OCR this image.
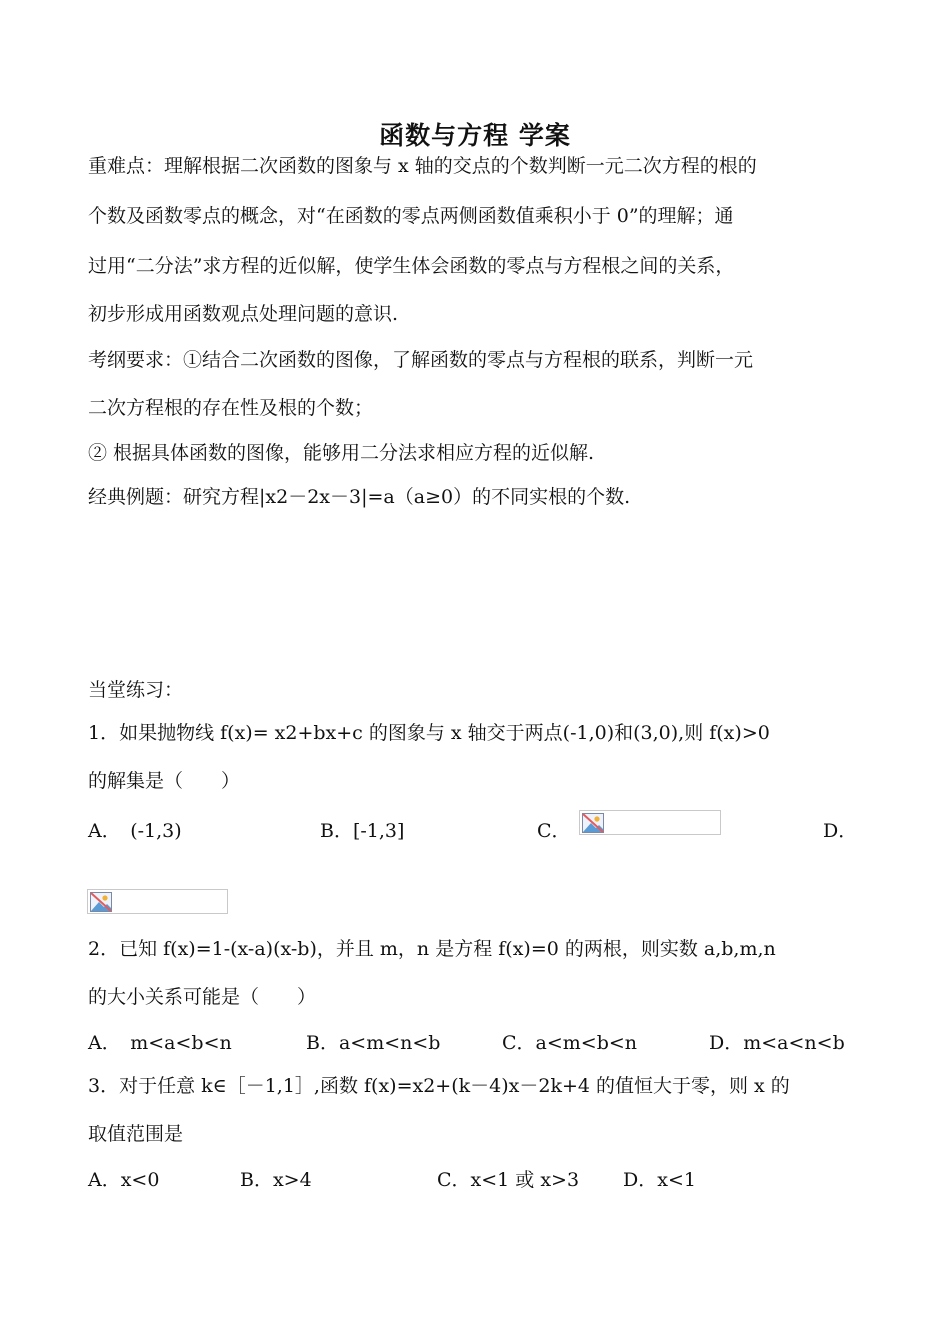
函数与方程 学案
重难点：理解根据二次函数的图象与 x 轴的交点的个数判断一元二次方程的根的
个数及函数零点的概念，对“在函数的零点两侧函数值乘积小于 0”的理解；通
过用“二分法”求方程的近似解，使学生体会函数的零点与方程根之间的关系，
初步形成用函数观点处理问题的意识.
考纲要求：①结合二次函数的图像，了解函数的零点与方程根的联系，判断一元
二次方程根的存在性及根的个数；
② 根据具体函数的图像，能够用二分法求相应方程的近似解.
经典例题：研究方程|x2－2x－3|=a（a≥0）的不同实根的个数.
当堂练习：
1．如果抛物线 f(x)= x2+bx+c 的图象与 x 轴交于两点(-1,0)和(3,0),则 f(x)>0
的解集是（　　）
A．　(-1,3)	B．[-1,3]	C．	D．
2．已知 f(x)=1-(x-a)(x-b)，并且 m，n 是方程 f(x)=0 的两根，则实数 a,b,m,n
的大小关系可能是（　　）
A．　m<a<b<n	B．a<m<n<b	C．a<m<b<n	D．m<a<n<b
3．对于任意 k∈［－1,1］,函数 f(x)=x2+(k－4)x－2k+4 的值恒大于零，则 x 的
取值范围是
A．x<0	B．x>4	C．x<1 或 x>3 D．x<1
